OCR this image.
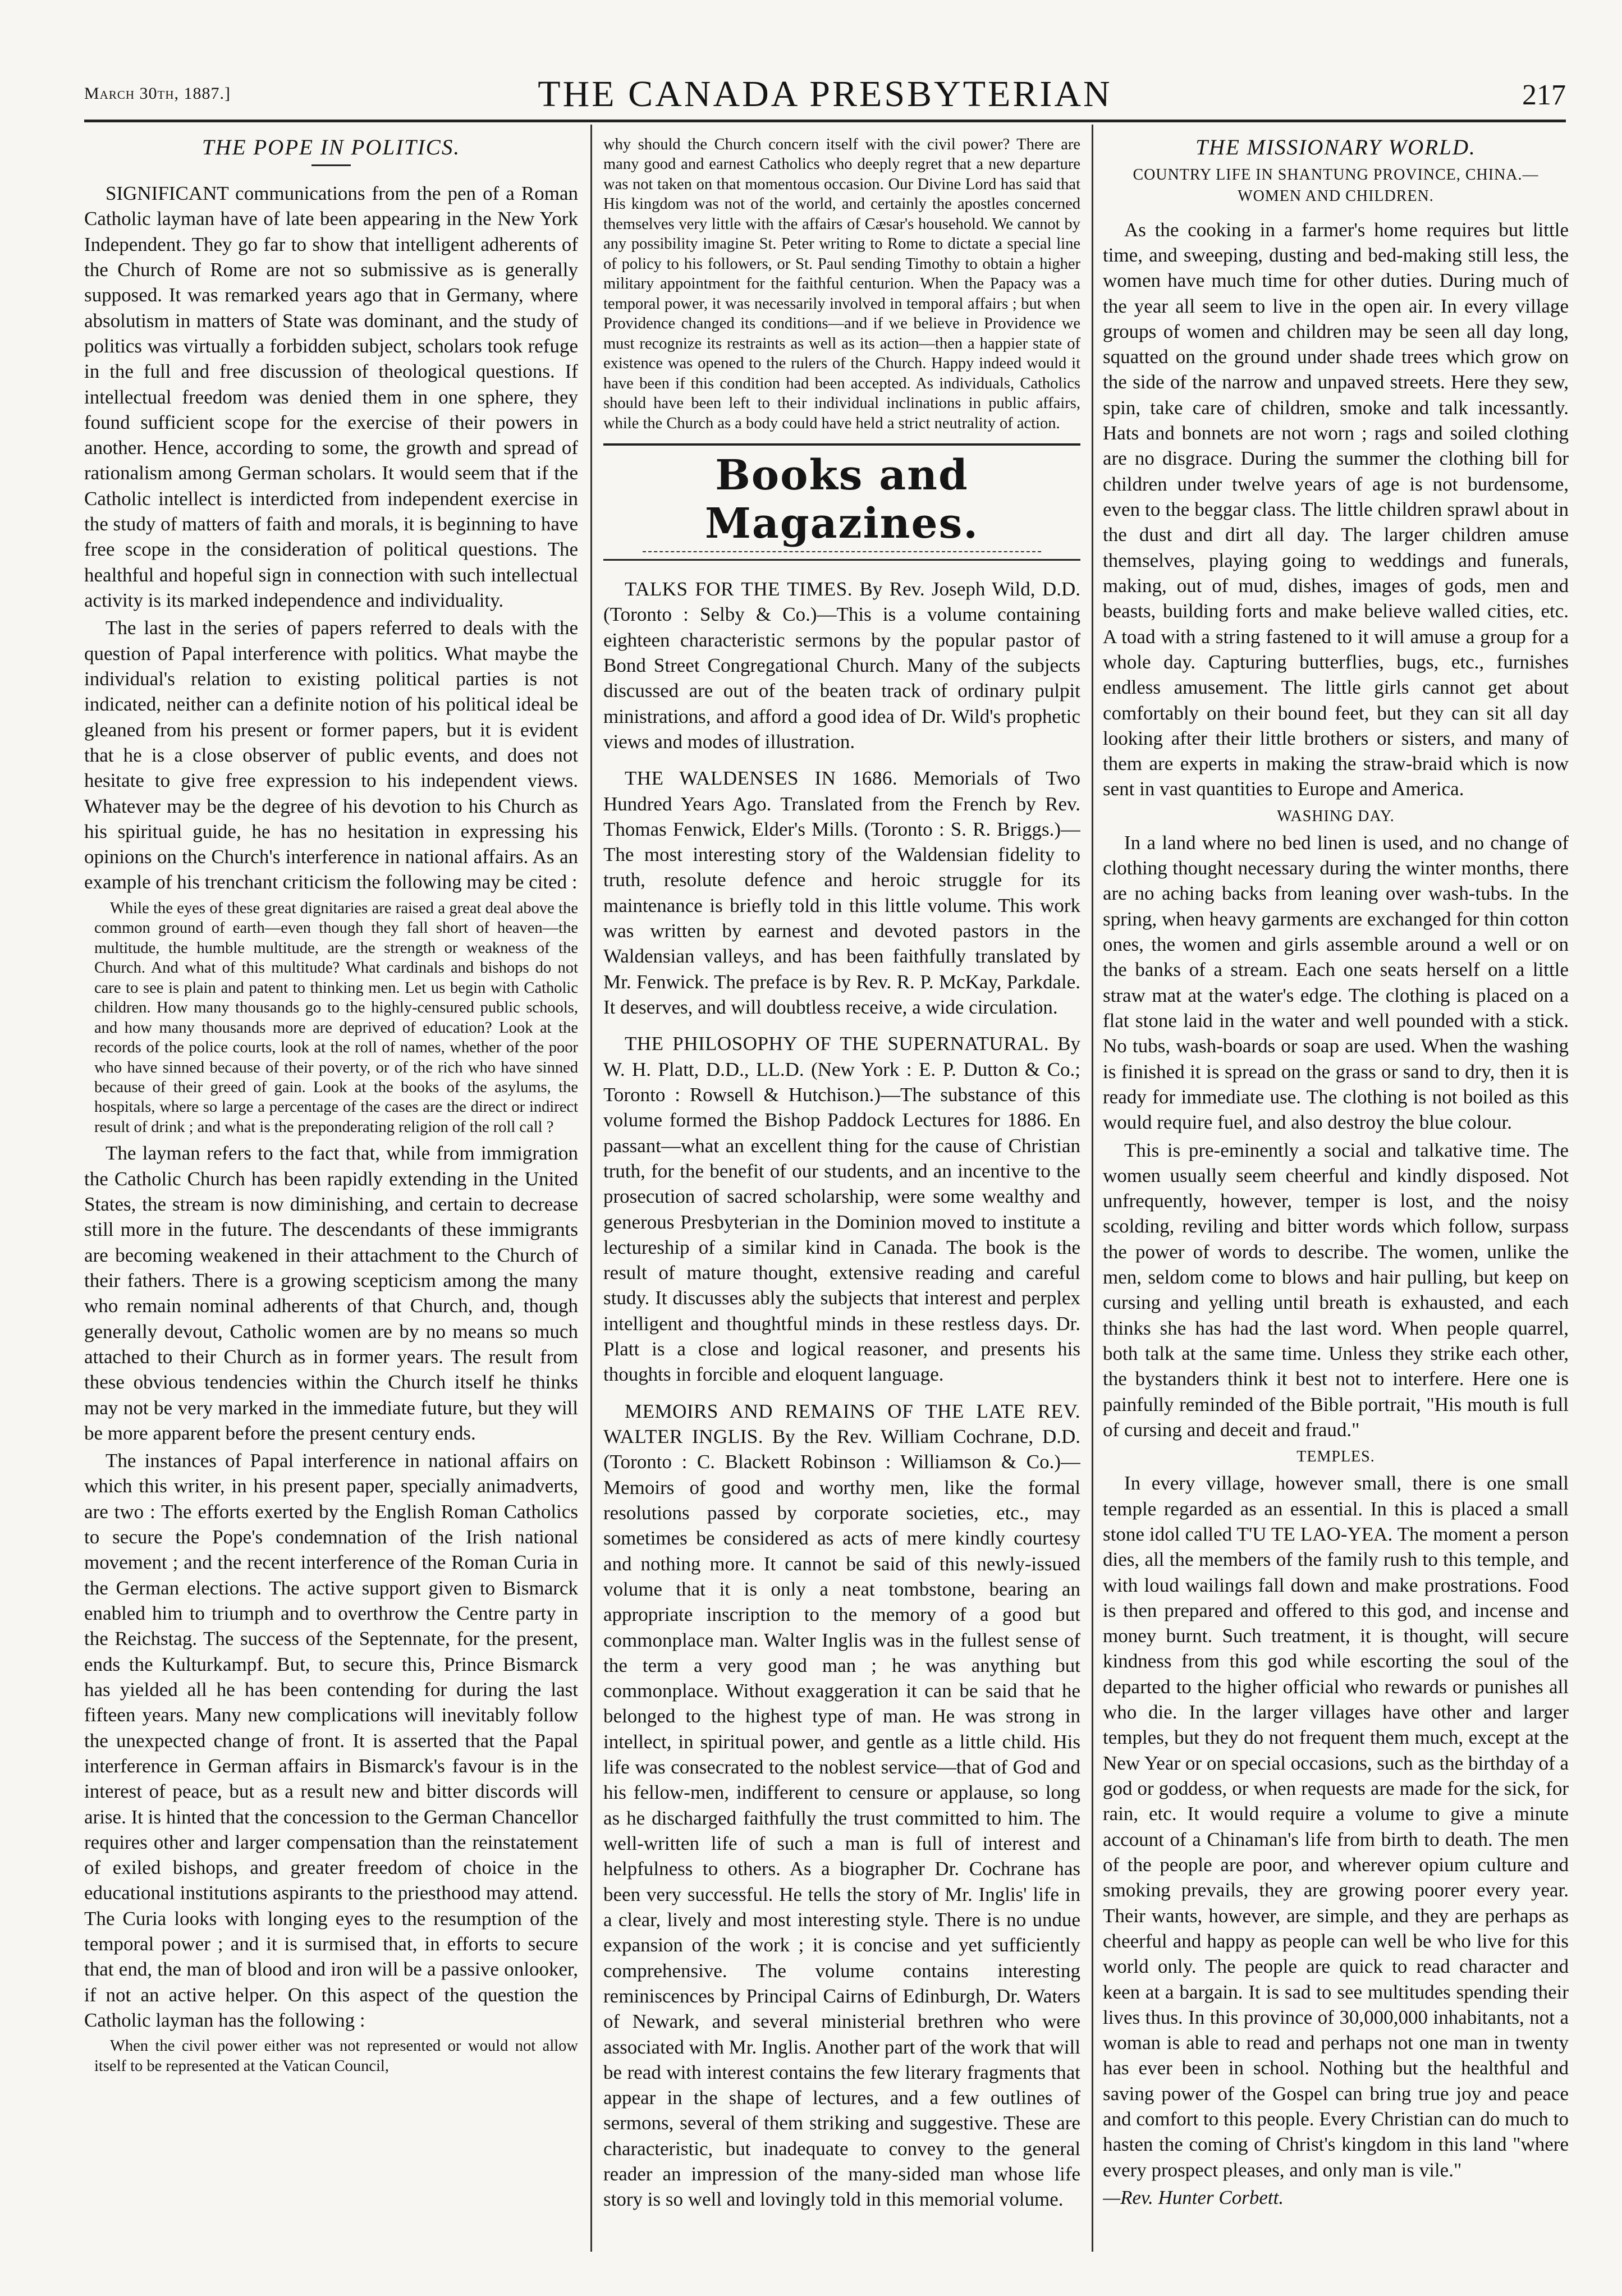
March 30th, 1887.]	THE CANADA PRESBYTERIAN	217
THE POPE IN POLITICS.

SIGNIFICANT communications from the pen of a Roman Catholic layman have of late been appearing in the New York Independent. They go far to show that intelligent adherents of the Church of Rome are not so submissive as is generally supposed. It was remarked years ago that in Germany, where absolutism in matters of State was dominant, and the study of politics was virtually a forbidden subject, scholars took refuge in the full and free discussion of theological questions. If intellectual freedom was denied them in one sphere, they found sufficient scope for the exercise of their powers in another. Hence, according to some, the growth and spread of rationalism among German scholars. It would seem that if the Catholic intellect is interdicted from independent exercise in the study of matters of faith and morals, it is beginning to have free scope in the consideration of political questions. The healthful and hopeful sign in connection with such intellectual activity is its marked independence and individuality.

The last in the series of papers referred to deals with the question of Papal interference with politics. What maybe the individual's relation to existing political parties is not indicated, neither can a definite notion of his political ideal be gleaned from his present or former papers, but it is evident that he is a close observer of public events, and does not hesitate to give free expression to his independent views. Whatever may be the degree of his devotion to his Church as his spiritual guide, he has no hesitation in expressing his opinions on the Church's interference in national affairs. As an example of his trenchant criticism the following may be cited :

While the eyes of these great dignitaries are raised a great deal above the common ground of earth—even though they fall short of heaven—the multitude, the humble multitude, are the strength or weakness of the Church. And what of this multitude? What cardinals and bishops do not care to see is plain and patent to thinking men. Let us begin with Catholic children. How many thousands go to the highly-censured public schools, and how many thousands more are deprived of education? Look at the records of the police courts, look at the roll of names, whether of the poor who have sinned because of their poverty, or of the rich who have sinned because of their greed of gain. Look at the books of the asylums, the hospitals, where so large a percentage of the cases are the direct or indirect result of drink ; and what is the preponderating religion of the roll call ?

The layman refers to the fact that, while from immigration the Catholic Church has been rapidly extending in the United States, the stream is now diminishing, and certain to decrease still more in the future. The descendants of these immigrants are becoming weakened in their attachment to the Church of their fathers. There is a growing scepticism among the many who remain nominal adherents of that Church, and, though generally devout, Catholic women are by no means so much attached to their Church as in former years. The result from these obvious tendencies within the Church itself he thinks may not be very marked in the immediate future, but they will be more apparent before the present century ends.

The instances of Papal interference in national affairs on which this writer, in his present paper, specially animadverts, are two : The efforts exerted by the English Roman Catholics to secure the Pope's condemnation of the Irish national movement ; and the recent interference of the Roman Curia in the German elections. The active support given to Bismarck enabled him to triumph and to overthrow the Centre party in the Reichstag. The success of the Septennate, for the present, ends the Kulturkampf. But, to secure this, Prince Bismarck has yielded all he has been contending for during the last fifteen years. Many new complications will inevitably follow the unexpected change of front. It is asserted that the Papal interference in German affairs in Bismarck's favour is in the interest of peace, but as a result new and bitter discords will arise. It is hinted that the concession to the German Chancellor requires other and larger compensation than the reinstatement of exiled bishops, and greater freedom of choice in the educational institutions aspirants to the priesthood may attend. The Curia looks with longing eyes to the resumption of the temporal power ; and it is surmised that, in efforts to secure that end, the man of blood and iron will be a passive onlooker, if not an active helper. On this aspect of the question the Catholic layman has the following :

When the civil power either was not represented or would not allow itself to be represented at the Vatican Council,

why should the Church concern itself with the civil power? There are many good and earnest Catholics who deeply regret that a new departure was not taken on that momentous occasion. Our Divine Lord has said that His kingdom was not of the world, and certainly the apostles concerned themselves very little with the affairs of Cæsar's household. We cannot by any possibility imagine St. Peter writing to Rome to dictate a special line of policy to his followers, or St. Paul sending Timothy to obtain a higher military appointment for the faithful centurion. When the Papacy was a temporal power, it was necessarily involved in temporal affairs ; but when Providence changed its conditions—and if we believe in Providence we must recognize its restraints as well as its action—then a happier state of existence was opened to the rulers of the Church. Happy indeed would it have been if this condition had been accepted. As individuals, Catholics should have been left to their individual inclinations in public affairs, while the Church as a body could have held a strict neutrality of action.

Books and Magazines.

TALKS FOR THE TIMES. By Rev. Joseph Wild, D.D. (Toronto : Selby & Co.)—This is a volume containing eighteen characteristic sermons by the popular pastor of Bond Street Congregational Church. Many of the subjects discussed are out of the beaten track of ordinary pulpit ministrations, and afford a good idea of Dr. Wild's prophetic views and modes of illustration.

THE WALDENSES IN 1686. Memorials of Two Hundred Years Ago. Translated from the French by Rev. Thomas Fenwick, Elder's Mills. (Toronto : S. R. Briggs.)—The most interesting story of the Waldensian fidelity to truth, resolute defence and heroic struggle for its maintenance is briefly told in this little volume. This work was written by earnest and devoted pastors in the Waldensian valleys, and has been faithfully translated by Mr. Fenwick. The preface is by Rev. R. P. McKay, Parkdale. It deserves, and will doubtless receive, a wide circulation.

THE PHILOSOPHY OF THE SUPERNATURAL. By W. H. Platt, D.D., LL.D. (New York : E. P. Dutton & Co.; Toronto : Rowsell & Hutchison.)—The substance of this volume formed the Bishop Paddock Lectures for 1886. En passant—what an excellent thing for the cause of Christian truth, for the benefit of our students, and an incentive to the prosecution of sacred scholarship, were some wealthy and generous Presbyterian in the Dominion moved to institute a lectureship of a similar kind in Canada. The book is the result of mature thought, extensive reading and careful study. It discusses ably the subjects that interest and perplex intelligent and thoughtful minds in these restless days. Dr. Platt is a close and logical reasoner, and presents his thoughts in forcible and eloquent language.

MEMOIRS AND REMAINS OF THE LATE REV. WALTER INGLIS. By the Rev. William Cochrane, D.D. (Toronto : C. Blackett Robinson : Williamson & Co.)—Memoirs of good and worthy men, like the formal resolutions passed by corporate societies, etc., may sometimes be considered as acts of mere kindly courtesy and nothing more. It cannot be said of this newly-issued volume that it is only a neat tombstone, bearing an appropriate inscription to the memory of a good but commonplace man. Walter Inglis was in the fullest sense of the term a very good man ; he was anything but commonplace. Without exaggeration it can be said that he belonged to the highest type of man. He was strong in intellect, in spiritual power, and gentle as a little child. His life was consecrated to the noblest service—that of God and his fellow-men, indifferent to censure or applause, so long as he discharged faithfully the trust committed to him. The well-written life of such a man is full of interest and helpfulness to others. As a biographer Dr. Cochrane has been very successful. He tells the story of Mr. Inglis' life in a clear, lively and most interesting style. There is no undue expansion of the work ; it is concise and yet sufficiently comprehensive. The volume contains interesting reminiscences by Principal Cairns of Edinburgh, Dr. Waters of Newark, and several ministerial brethren who were associated with Mr. Inglis. Another part of the work that will be read with interest contains the few literary fragments that appear in the shape of lectures, and a few outlines of sermons, several of them striking and suggestive. These are characteristic, but inadequate to convey to the general reader an impression of the many-sided man whose life story is so well and lovingly told in this memorial volume.

THE MISSIONARY WORLD.
COUNTRY LIFE IN SHANTUNG PROVINCE, CHINA.— WOMEN AND CHILDREN.

As the cooking in a farmer's home requires but little time, and sweeping, dusting and bed-making still less, the women have much time for other duties. During much of the year all seem to live in the open air. In every village groups of women and children may be seen all day long, squatted on the ground under shade trees which grow on the side of the narrow and unpaved streets. Here they sew, spin, take care of children, smoke and talk incessantly. Hats and bonnets are not worn ; rags and soiled clothing are no disgrace. During the summer the clothing bill for children under twelve years of age is not burdensome, even to the beggar class. The little children sprawl about in the dust and dirt all day. The larger children amuse themselves, playing going to weddings and funerals, making, out of mud, dishes, images of gods, men and beasts, building forts and make believe walled cities, etc. A toad with a string fastened to it will amuse a group for a whole day. Capturing butterflies, bugs, etc., furnishes endless amusement. The little girls cannot get about comfortably on their bound feet, but they can sit all day looking after their little brothers or sisters, and many of them are experts in making the straw-braid which is now sent in vast quantities to Europe and America.

WASHING DAY.

In a land where no bed linen is used, and no change of clothing thought necessary during the winter months, there are no aching backs from leaning over wash-tubs. In the spring, when heavy garments are exchanged for thin cotton ones, the women and girls assemble around a well or on the banks of a stream. Each one seats herself on a little straw mat at the water's edge. The clothing is placed on a flat stone laid in the water and well pounded with a stick. No tubs, wash-boards or soap are used. When the washing is finished it is spread on the grass or sand to dry, then it is ready for immediate use. The clothing is not boiled as this would require fuel, and also destroy the blue colour.

This is pre-eminently a social and talkative time. The women usually seem cheerful and kindly disposed. Not unfrequently, however, temper is lost, and the noisy scolding, reviling and bitter words which follow, surpass the power of words to describe. The women, unlike the men, seldom come to blows and hair pulling, but keep on cursing and yelling until breath is exhausted, and each thinks she has had the last word. When people quarrel, both talk at the same time. Unless they strike each other, the bystanders think it best not to interfere. Here one is painfully reminded of the Bible portrait, "His mouth is full of cursing and deceit and fraud."

TEMPLES.

In every village, however small, there is one small temple regarded as an essential. In this is placed a small stone idol called T'U TE LAO-YEA. The moment a person dies, all the members of the family rush to this temple, and with loud wailings fall down and make prostrations. Food is then prepared and offered to this god, and incense and money burnt. Such treatment, it is thought, will secure kindness from this god while escorting the soul of the departed to the higher official who rewards or punishes all who die. In the larger villages have other and larger temples, but they do not frequent them much, except at the New Year or on special occasions, such as the birthday of a god or goddess, or when requests are made for the sick, for rain, etc. It would require a volume to give a minute account of a Chinaman's life from birth to death. The men of the people are poor, and wherever opium culture and smoking prevails, they are growing poorer every year. Their wants, however, are simple, and they are perhaps as cheerful and happy as people can well be who live for this world only. The people are quick to read character and keen at a bargain. It is sad to see multitudes spending their lives thus. In this province of 30,000,000 inhabitants, not a woman is able to read and perhaps not one man in twenty has ever been in school. Nothing but the healthful and saving power of the Gospel can bring true joy and peace and comfort to this people. Every Christian can do much to hasten the coming of Christ's kingdom in this land "where every prospect pleases, and only man is vile."

—Rev. Hunter Corbett.
